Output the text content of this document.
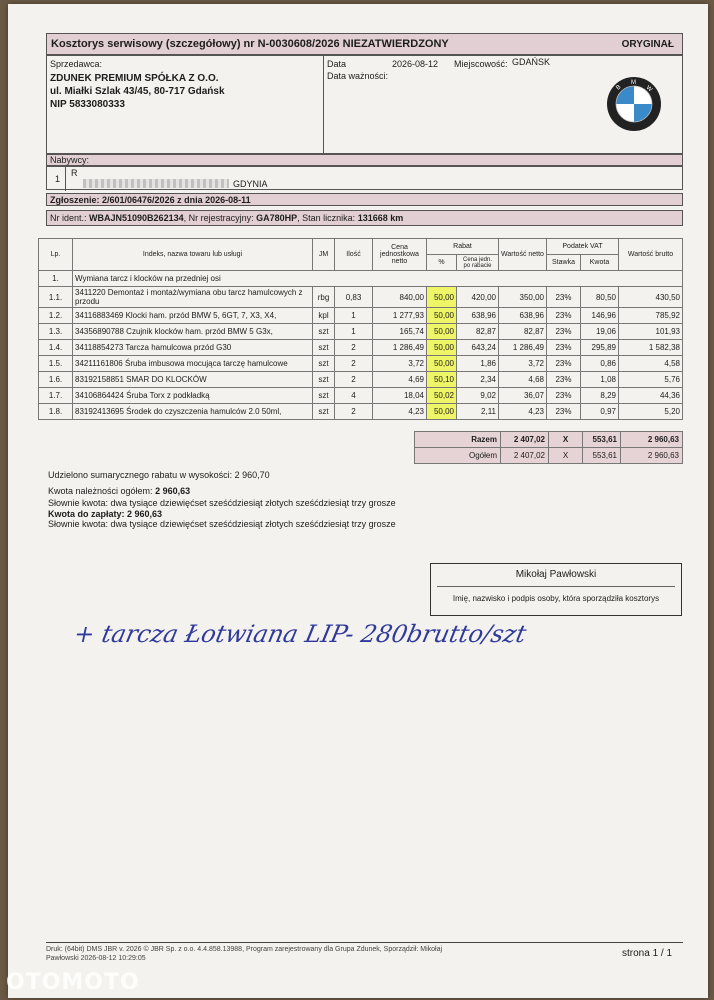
Kosztorys serwisowy (szczegółowy) nr N-0030608/2026 NIEZATWIERDZONY	ORYGINAŁ
Sprzedawca:
ZDUNEK PREMIUM SPÓŁKA Z O.O.
ul. Miałki Szlak 43/45, 80-717 Gdańsk
NIP 5833080333
Data	2026-08-12 Miejscowość: GDAŃSK
Data ważności:
B
M
W
Nabywcy:
1
R
GDYNIA
Zgłoszenie: 2/601/06476/2026 z dnia 2026-08-11
Nr ident.: WBAJN51090B262134, Nr rejestracyjny: GA780HP, Stan licznika: 131668 km
Lp.	Indeks, nazwa towaru lub usługi	JM	Ilość	Cena jednostkowa netto	Rabat		Wartość netto	Podatek VAT		Wartość brutto
					%	Cena jedn. po rabacie		Stawka	Kwota	
1.	Wymiana tarcz i klocków na przedniej osi									
1.1.	3411220 Demontaż i montaż/wymiana obu tarcz hamulcowych z
przodu	rbg	0,83	840,00	50,00	420,00	350,00	23%	80,50	430,50
1.2.	34116883469 Klocki ham. przód BMW 5, 6GT, 7, X3, X4,	kpl	1	1 277,93	50,00	638,96	638,96	23%	146,96	785,92
1.3.	34356890788 Czujnik klocków ham. przód BMW 5 G3x,	szt	1	165,74	50,00	82,87	82,87	23%	19,06	101,93
1.4.	34118854273 Tarcza hamulcowa przód G30	szt	2	1 286,49	50,00	643,24	1 286,49	23%	295,89	1 582,38
1.5.	34211161806 Śruba imbusowa mocująca tarczę hamulcowe	szt	2	3,72	50,00	1,86	3,72	23%	0,86	4,58
1.6.	83192158851 SMAR DO KLOCKÓW	szt	2	4,69	50,10	2,34	4,68	23%	1,08	5,76
1.7.	34106864424 Śruba Torx z podkładką	szt	4	18,04	50,02	9,02	36,07	23%	8,29	44,36
1.8.	83192413695 Środek do czyszczenia hamulców 2.0 50ml,	szt	2	4,23	50,00	2,11	4,23	23%	0,97	5,20
Razem	2 407,02	X	553,61	2 960,63
Ogółem	2 407,02	X	553,61	2 960,63
Udzielono sumarycznego rabatu w wysokości: 2 960,70
Kwota należności ogółem: 2 960,63
Słownie kwota: dwa tysiące dziewięćset sześćdziesiąt złotych sześćdziesiąt trzy grosze
Kwota do zapłaty: 2 960,63
Słownie kwota: dwa tysiące dziewięćset sześćdziesiąt złotych sześćdziesiąt trzy grosze
Mikołaj Pawłowski
Imię, nazwisko i podpis osoby, która sporządziła kosztorys
+ tarcza Łotwiana LIP- 280brutto/szt
Druk: (64bit) DMS JBR v. 2026 © JBR Sp. z o.o. 4.4.858.13988, Program zarejestrowany dla Grupa Zdunek, Sporządził: Mikołaj
Pawłowski 2026-08-12 10:29:05	strona 1 / 1
OTOMOTO
